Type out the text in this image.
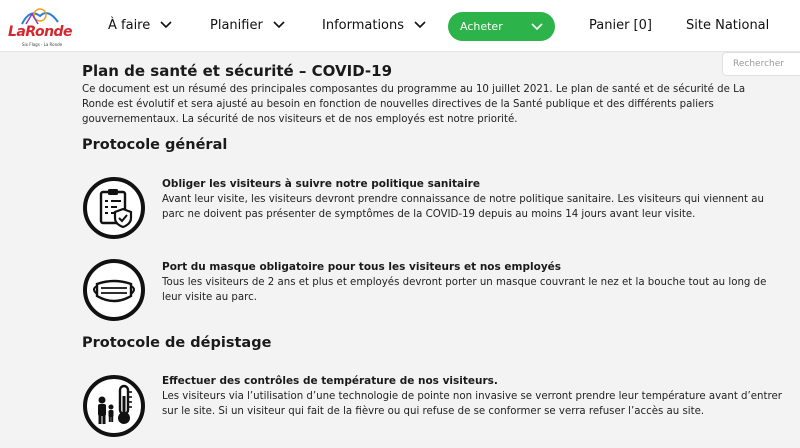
LaRonde
Six Flags · La Ronde
À faire	Planifier	Informations	Acheter	Panier [0]	Site National
Rechercher
Plan de santé et sécurité – COVID-19
Ce document est un résumé des principales composantes du programme au 10 juillet 2021. Le plan de santé et de sécurité de La Ronde est évolutif et sera ajusté au besoin en fonction de nouvelles directives de la Santé publique et des différents paliers gouvernementaux. La sécurité de nos visiteurs et de nos employés est notre priorité.
Protocole général
Obliger les visiteurs à suivre notre politique sanitaire
Avant leur visite, les visiteurs devront prendre connaissance de notre politique sanitaire. Les visiteurs qui viennent au parc ne doivent pas présenter de symptômes de la COVID-19 depuis au moins 14 jours avant leur visite.
Port du masque obligatoire pour tous les visiteurs et nos employés
Tous les visiteurs de 2 ans et plus et employés devront porter un masque couvrant le nez et la bouche tout au long de leur visite au parc.
Protocole de dépistage
Effectuer des contrôles de température de nos visiteurs.
Les visiteurs via l’utilisation d’une technologie de pointe non invasive se verront prendre leur température avant d’entrer sur le site. Si un visiteur qui fait de la fièvre ou qui refuse de se conformer se verra refuser l’accès au site.
